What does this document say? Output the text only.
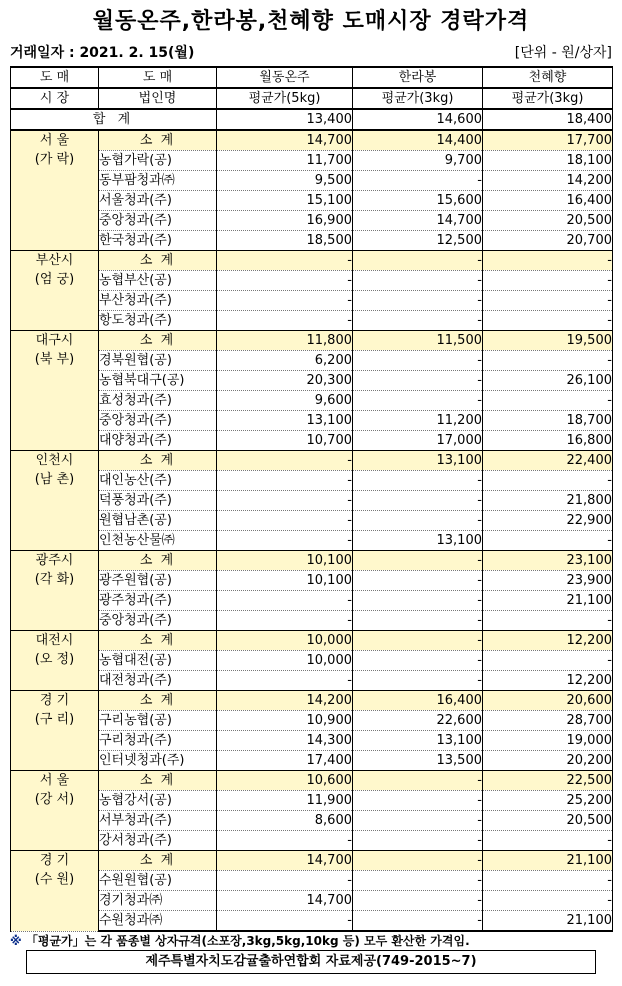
월동온주,한라봉,천혜향 도매시장 경락가격
거래일자 : 2021. 2. 15(월)	[단위 - 원/상자]
도 매	도 매	월동온주	한라봉	천혜향
시 장	법인명	평균가(5kg)	평균가(3kg)	평균가(3kg)
합 계		13,400	14,600	18,400

서 울
(가 락)	소 계	14,700	14,400	17,700
	농협가락(공)	11,700	9,700	18,100
	동부팜청과㈜	9,500	-	14,200
	서울청과(주)	15,100	15,600	16,400
	중앙청과(주)	16,900	14,700	20,500
	한국청과(주)	18,500	12,500	20,700

부산시
(엄 궁)	소 계	-	-	-
	농협부산(공)	-	-	-
	부산청과(주)	-	-	-
	항도청과(주)	-	-	-

대구시
(북 부)	소 계	11,800	11,500	19,500
	경북원협(공)	6,200	-	-
	농협북대구(공)	20,300	-	26,100
	효성청과(주)	9,600	-	-
	중앙청과(주)	13,100	11,200	18,700
	대양청과(주)	10,700	17,000	16,800

인천시
(남 촌)	소 계	-	13,100	22,400
	대인농산(주)	-	-	-
	덕풍청과(주)	-	-	21,800
	원협남촌(공)	-	-	22,900
	인천농산물㈜	-	13,100	-

광주시
(각 화)	소 계	10,100	-	23,100
	광주원협(공)	10,100	-	23,900
	광주청과(주)	-	-	21,100
	중앙청과(주)	-	-	-

대전시
(오 정)	소 계	10,000	-	12,200
	농협대전(공)	10,000	-	-
	대전청과(주)	-	-	12,200

경 기
(구 리)	소 계	14,200	16,400	20,600
	구리농협(공)	10,900	22,600	28,700
	구리청과(주)	14,300	13,100	19,000
	인터넷청과(주)	17,400	13,500	20,200

서 울
(강 서)	소 계	10,600	-	22,500
	농협강서(공)	11,900	-	25,200
	서부청과(주)	8,600	-	20,500
	강서청과(주)	-	-	-

경 기
(수 원)	소 계	14,700	-	21,100
	수원원협(공)	-	-	-
	경기청과㈜	14,700	-	-
	수원청과㈜	-	-	21,100
※ 「평균가」는 각 품종별 상자규격(소포장,3kg,5kg,10kg 등) 모두 환산한 가격임.
제주특별자치도감귤출하연합회 자료제공(749-2015~7)
